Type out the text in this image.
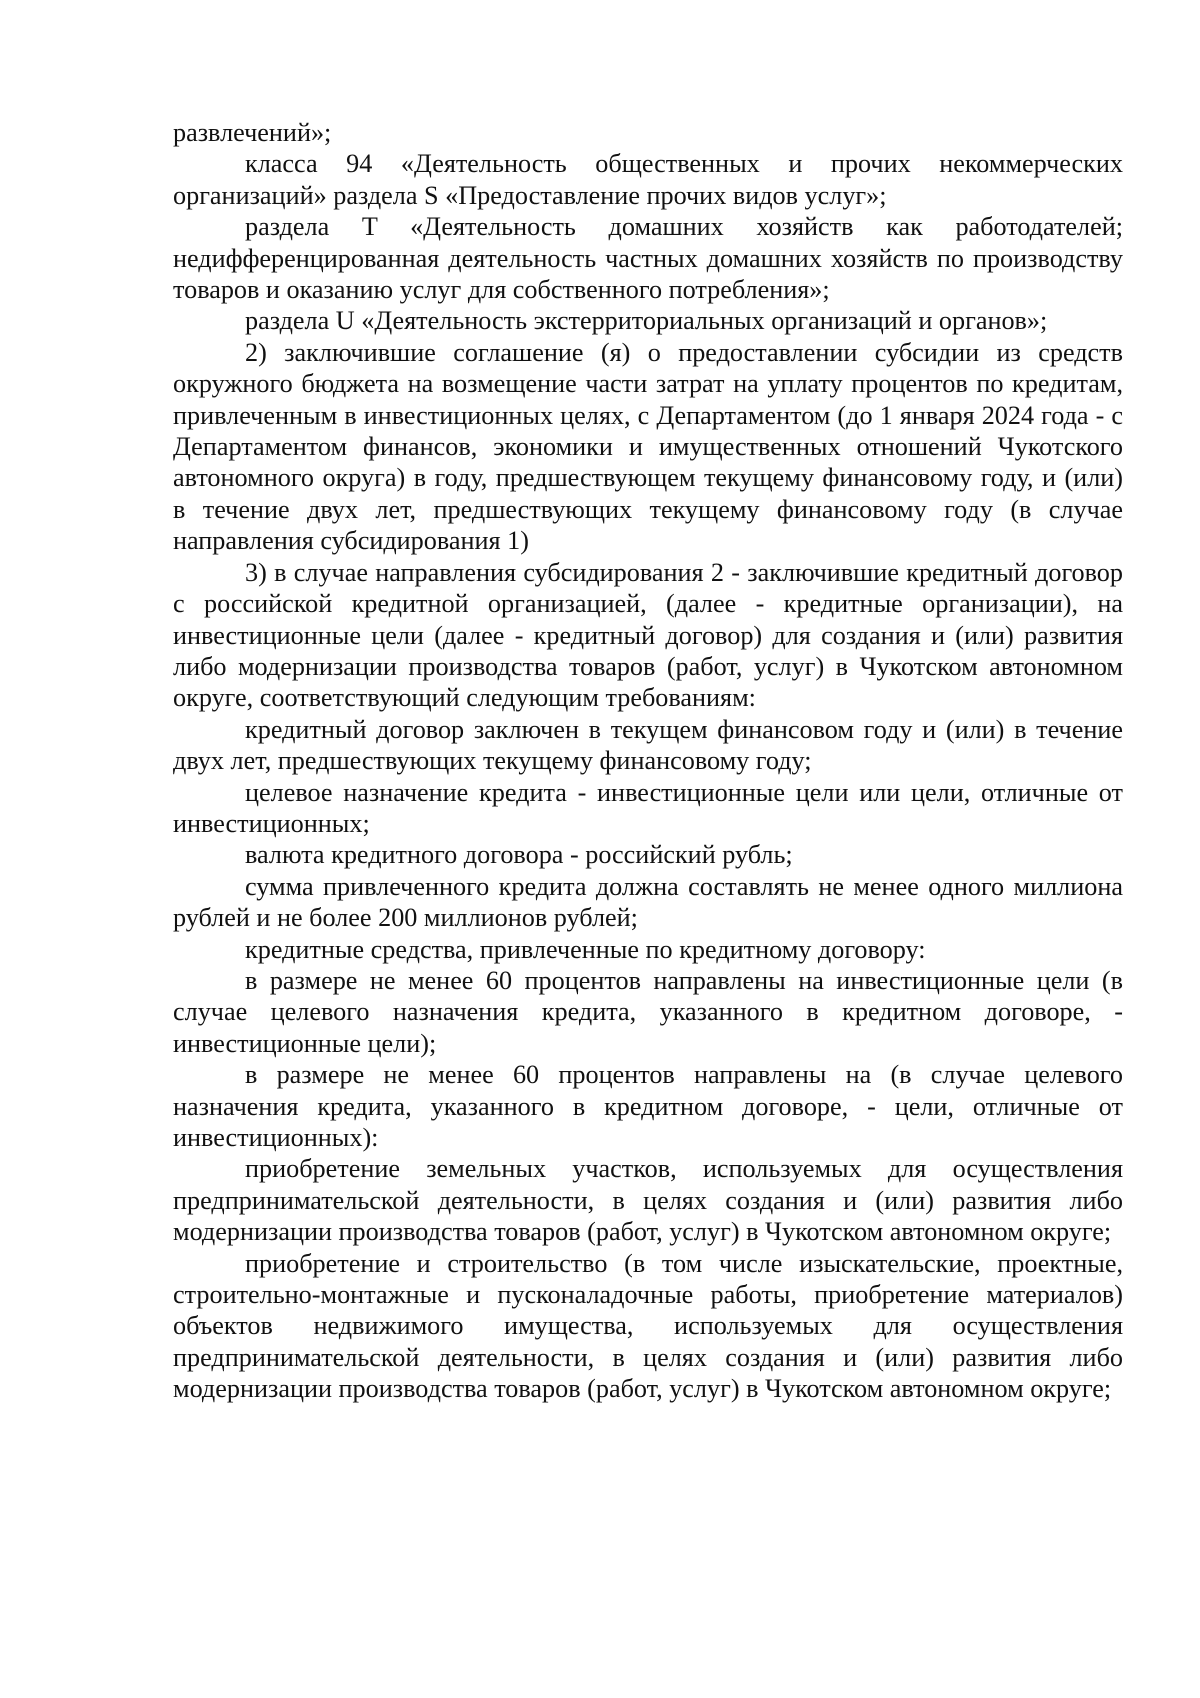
развлечений»;

класса 94 «Деятельность общественных и прочих некоммерческих организаций» раздела S «Предоставление прочих видов услуг»;

раздела T «Деятельность домашних хозяйств как работодателей; недифференцированная деятельность частных домашних хозяйств по производству товаров и оказанию услуг для собственного потребления»;

раздела U «Деятельность экстерриториальных организаций и органов»;

2) заключившие соглашение (я) о предоставлении субсидии из средств окружного бюджета на возмещение части затрат на уплату процентов по кредитам, привлеченным в инвестиционных целях, с Департаментом (до 1 января 2024 года - с Департаментом финансов, экономики и имущественных отношений Чукотского автономного округа) в году, предшествующем текущему финансовому году, и (или) в течение двух лет, предшествующих текущему финансовому году (в случае направления субсидирования 1)

3) в случае направления субсидирования 2 - заключившие кредитный договор с российской кредитной организацией, (далее - кредитные организации), на инвестиционные цели (далее - кредитный договор) для создания и (или) развития либо модернизации производства товаров (работ, услуг) в Чукотском автономном округе, соответствующий следующим требованиям:

кредитный договор заключен в текущем финансовом году и (или) в течение двух лет, предшествующих текущему финансовому году;

целевое назначение кредита - инвестиционные цели или цели, отличные от инвестиционных;

валюта кредитного договора - российский рубль;

сумма привлеченного кредита должна составлять не менее одного миллиона рублей и не более 200 миллионов рублей;

кредитные средства, привлеченные по кредитному договору:

в размере не менее 60 процентов направлены на инвестиционные цели (в случае целевого назначения кредита, указанного в кредитном договоре, - инвестиционные цели);

в размере не менее 60 процентов направлены на (в случае целевого назначения кредита, указанного в кредитном договоре, - цели, отличные от инвестиционных):

приобретение земельных участков, используемых для осуществления предпринимательской деятельности, в целях создания и (или) развития либо модернизации производства товаров (работ, услуг) в Чукотском автономном округе;

приобретение и строительство (в том числе изыскательские, проектные, строительно-монтажные и пусконаладочные работы, приобретение материалов) объектов недвижимого имущества, используемых для осуществления предпринимательской деятельности, в целях создания и (или) развития либо модернизации производства товаров (работ, услуг) в Чукотском автономном округе;
